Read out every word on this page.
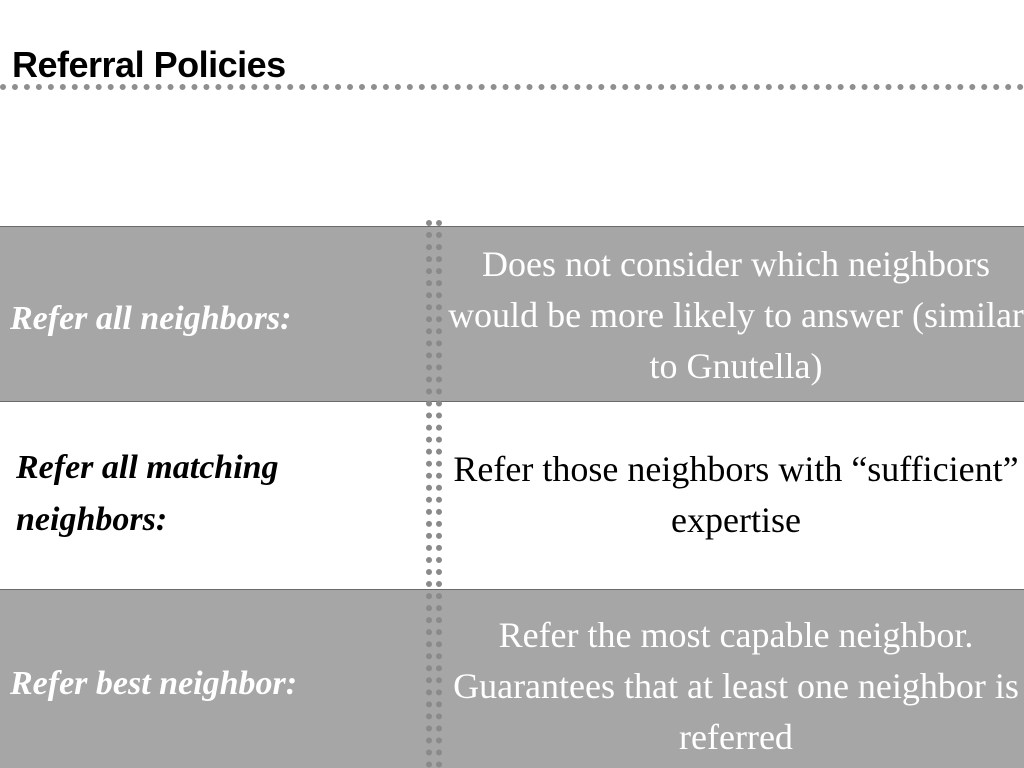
Referral Policies
Refer all neighbors:
Does not consider which neighbors would be more likely to answer (similar to Gnutella)
Refer all matching neighbors:
Refer those neighbors with “sufficient” expertise
Refer best neighbor:
Refer the most capable neighbor. Guarantees that at least one neighbor is referred
